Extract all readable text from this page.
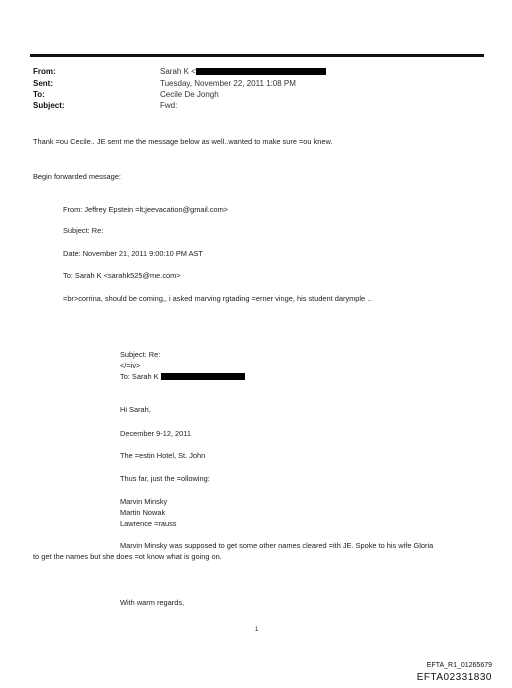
From:	Sarah K <
Sent:	Tuesday, November 22, 2011 1:08 PM
To:	Cecile De Jongh
Subject:	Fwd:
Thank =ou Cecile.. JE sent me the message below as well..wanted to make sure =ou knew.
Begin forwarded message:
From: Jeffrey Epstein =lt;jeevacation@gmail.com>
Subject: Re:
Date: November 21, 2011 9:00:10 PM AST
To: Sarah K <sarahk525@me.com>
=br>corrina, should be coming,, i asked marving rgtading =erner vinge, his student darymple ..
Subject: Re:
</=iv>
To: Sarah K
Hi Sarah,
December 9-12, 2011
The =estin Hotel, St. John
Thus far, just the =ollowing:
Marvin Minsky
Martin Nowak
Lawrence =rauss
Marvin Minsky was supposed to get some other names cleared =ith JE. Spoke to his wife Gloria
to get the names but she does =ot know what is going on.
With warm regards,
1
EFTA_R1_01265679
EFTA02331830
